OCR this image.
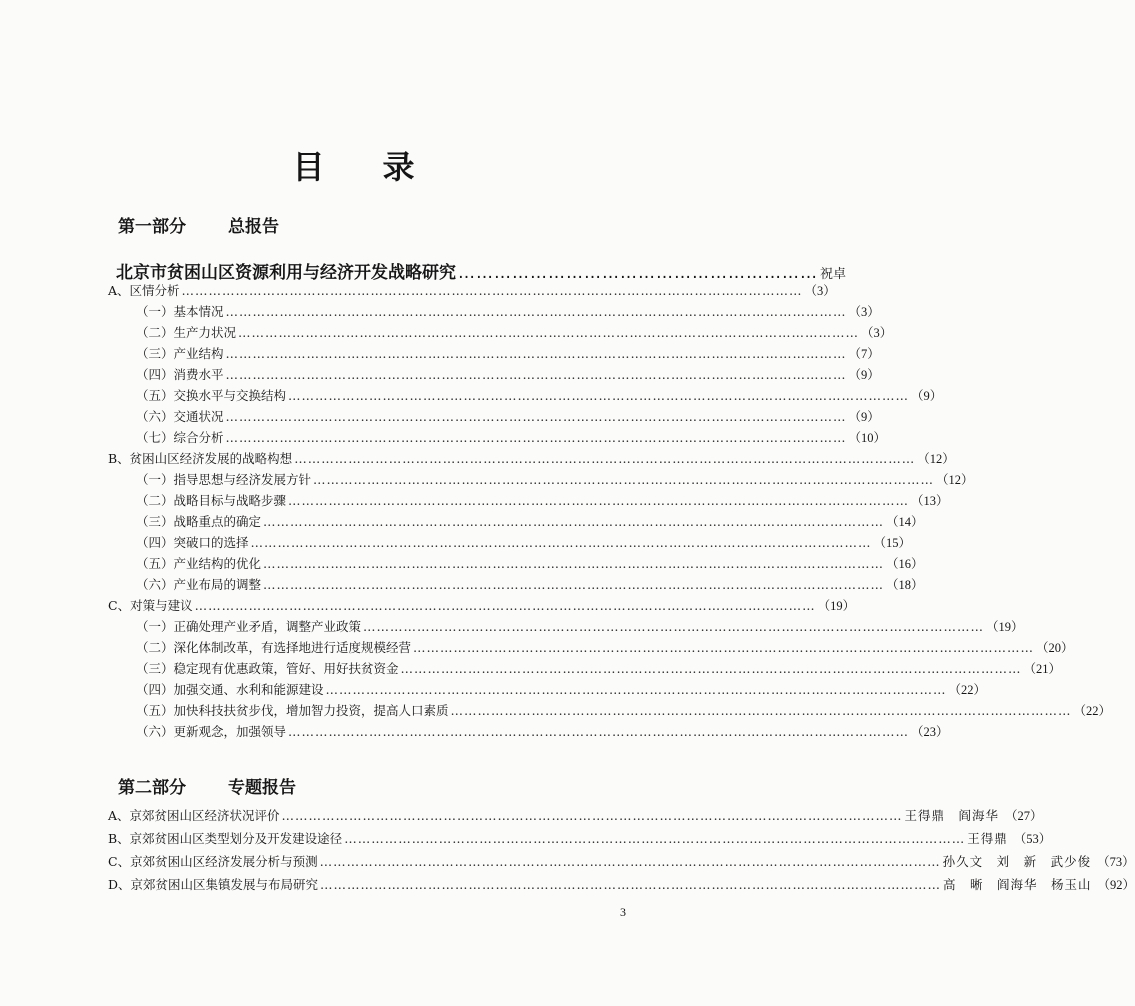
目 录
第一部分 总报告
北京市贫困山区资源利用与经济开发战略研究 …………………………………………………… 祝卓
A、区情分析 ………………………………………………………………………………………………………………………… （3）
（一）基本情况 ………………………………………………………………………………………………………………………… （3）
（二）生产力状况 ………………………………………………………………………………………………………………………… （3）
（三）产业结构 ………………………………………………………………………………………………………………………… （7）
（四）消费水平 ………………………………………………………………………………………………………………………… （9）
（五）交换水平与交换结构 ………………………………………………………………………………………………………………………… （9）
（六）交通状况 ………………………………………………………………………………………………………………………… （9）
（七）综合分析 ………………………………………………………………………………………………………………………… （10）
B、贫困山区经济发展的战略构想 ………………………………………………………………………………………………………………………… （12）
（一）指导思想与经济发展方针 ………………………………………………………………………………………………………………………… （12）
（二）战略目标与战略步骤 ………………………………………………………………………………………………………………………… （13）
（三）战略重点的确定 ………………………………………………………………………………………………………………………… （14）
（四）突破口的选择 ………………………………………………………………………………………………………………………… （15）
（五）产业结构的优化 ………………………………………………………………………………………………………………………… （16）
（六）产业布局的调整 ………………………………………………………………………………………………………………………… （18）
C、对策与建议 ………………………………………………………………………………………………………………………… （19）
（一）正确处理产业矛盾，调整产业政策 ………………………………………………………………………………………………………………………… （19）
（二）深化体制改革，有选择地进行适度规模经营 ………………………………………………………………………………………………………………………… （20）
（三）稳定现有优惠政策，管好、用好扶贫资金 ………………………………………………………………………………………………………………………… （21）
（四）加强交通、水利和能源建设 ………………………………………………………………………………………………………………………… （22）
（五）加快科技扶贫步伐，增加智力投资，提高人口素质 ………………………………………………………………………………………………………………………… （22）
（六）更新观念，加强领导 ………………………………………………………………………………………………………………………… （23）
第二部分 专题报告
A、京郊贫困山区经济状况评价 ………………………………………………………………………………………………………………………… 王得鼎　阎海华 （27）
B、京郊贫困山区类型划分及开发建设途径 ………………………………………………………………………………………………………………………… 王得鼎 （53）
C、京郊贫困山区经济发展分析与预测 ………………………………………………………………………………………………………………………… 孙久文　刘　新　武少俊 （73）
D、京郊贫困山区集镇发展与布局研究 ………………………………………………………………………………………………………………………… 高　晰　阎海华　杨玉山 （92）
3
